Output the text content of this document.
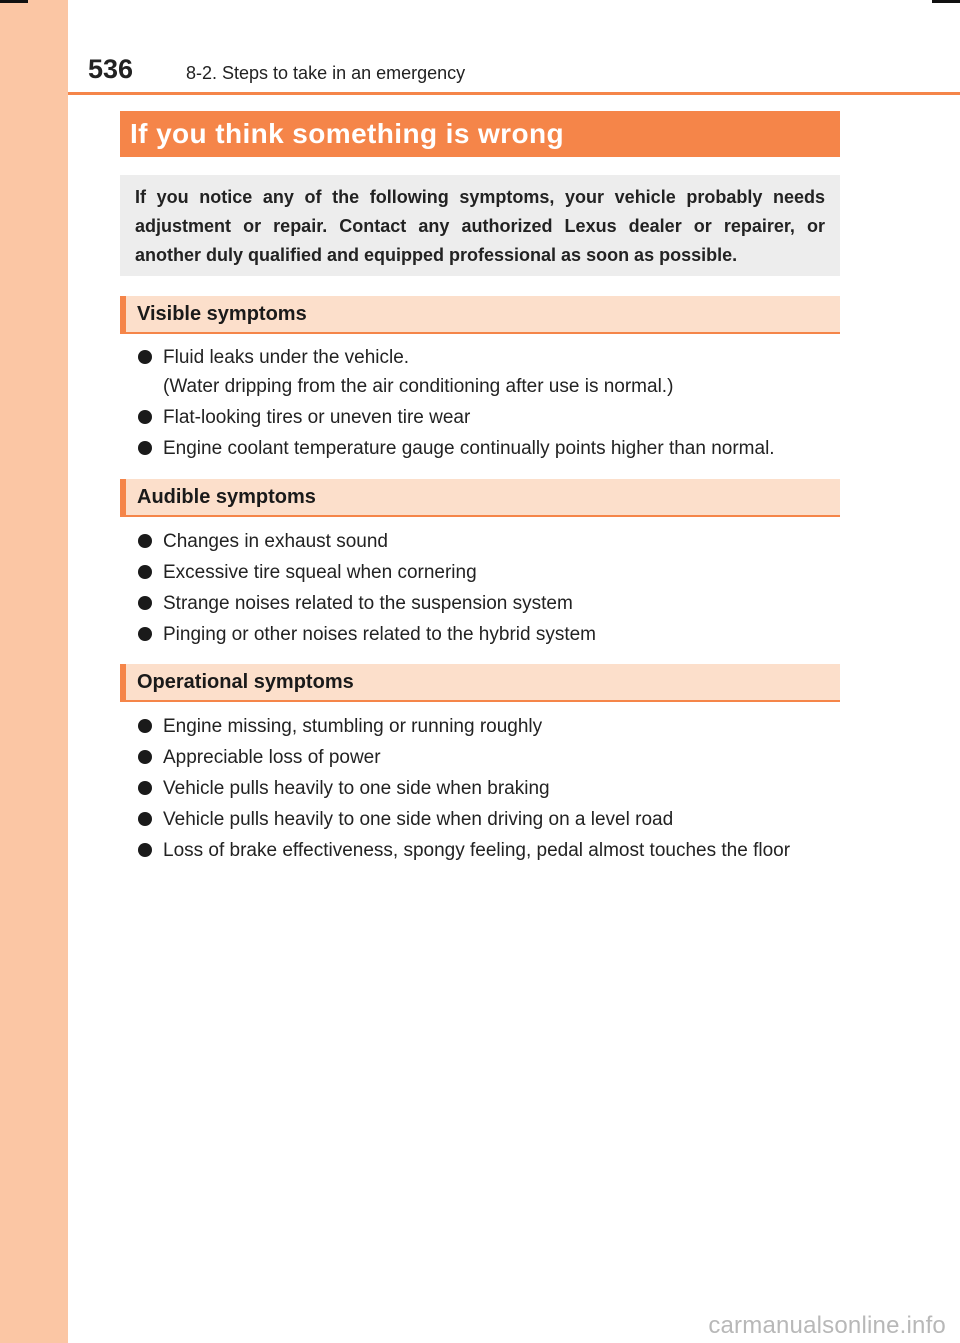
536	8-2. Steps to take in an emergency
If you think something is wrong

If you notice any of the following symptoms, your vehicle probably needs adjustment or repair. Contact any authorized Lexus dealer or repairer, or another duly qualified and equipped professional as soon as possible.

Visible symptoms
Fluid leaks under the vehicle.
(Water dripping from the air conditioning after use is normal.)
Flat-looking tires or uneven tire wear
Engine coolant temperature gauge continually points higher than normal.
Audible symptoms
Changes in exhaust sound
Excessive tire squeal when cornering
Strange noises related to the suspension system
Pinging or other noises related to the hybrid system
Operational symptoms
Engine missing, stumbling or running roughly
Appreciable loss of power
Vehicle pulls heavily to one side when braking
Vehicle pulls heavily to one side when driving on a level road
Loss of brake effectiveness, spongy feeling, pedal almost touches the floor
carmanualsonline.info
